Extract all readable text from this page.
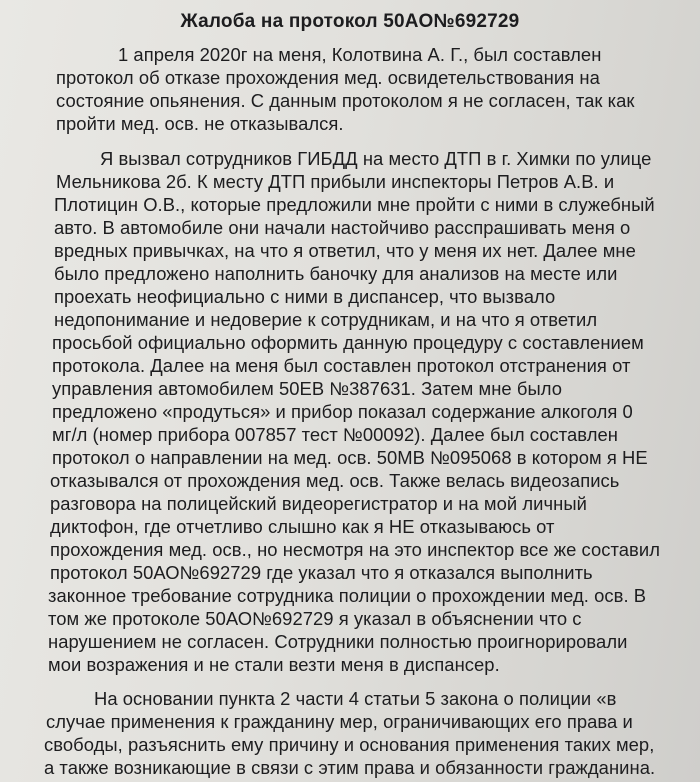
Жалоба на протокол 50АО№692729

1 апреля 2020г на меня, Колотвина А. Г., был составлен

протокол об отказе прохождения мед. освидетельствования на

состояние опьянения. С данным протоколом я не согласен, так как

пройти мед. осв. не отказывался.

Я вызвал сотрудников ГИБДД на место ДТП в г. Химки по улице

Мельникова 2б. К месту ДТП прибыли инспекторы Петров А.В. и

Плотицин О.В., которые предложили мне пройти с ними в служебный

авто. В автомобиле они начали настойчиво расспрашивать меня о

вредных привычках, на что я ответил, что у меня их нет. Далее мне

было предложено наполнить баночку для анализов на месте или

проехать неофициально с ними в диспансер, что вызвало

недопонимание и недоверие к сотрудникам, и на что я ответил

просьбой официально оформить данную процедуру с составлением

протокола. Далее на меня был составлен протокол отстранения от

управления автомобилем 50ЕВ №387631. Затем мне было

предложено «продуться» и прибор показал содержание алкоголя 0

мг/л (номер прибора 007857 тест №00092). Далее был составлен

протокол о направлении на мед. осв. 50МВ №095068 в котором я НЕ

отказывался от прохождения мед. осв. Также велась видеозапись

разговора на полицейский видеорегистратор и на мой личный

диктофон, где отчетливо слышно как я НЕ отказываюсь от

прохождения мед. осв., но несмотря на это инспектор все же составил

протокол 50АО№692729 где указал что я отказался выполнить

законное требование сотрудника полиции о прохождении мед. осв. В

том же протоколе 50АО№692729 я указал в объяснении что с

нарушением не согласен. Сотрудники полностью проигнорировали

мои возражения и не стали везти меня в диспансер.

На основании пункта 2 части 4 статьи 5 закона о полиции «в

случае применения к гражданину мер, ограничивающих его права и

свободы, разъяснить ему причину и основания применения таких мер,

а также возникающие в связи с этим права и обязанности гражданина.
